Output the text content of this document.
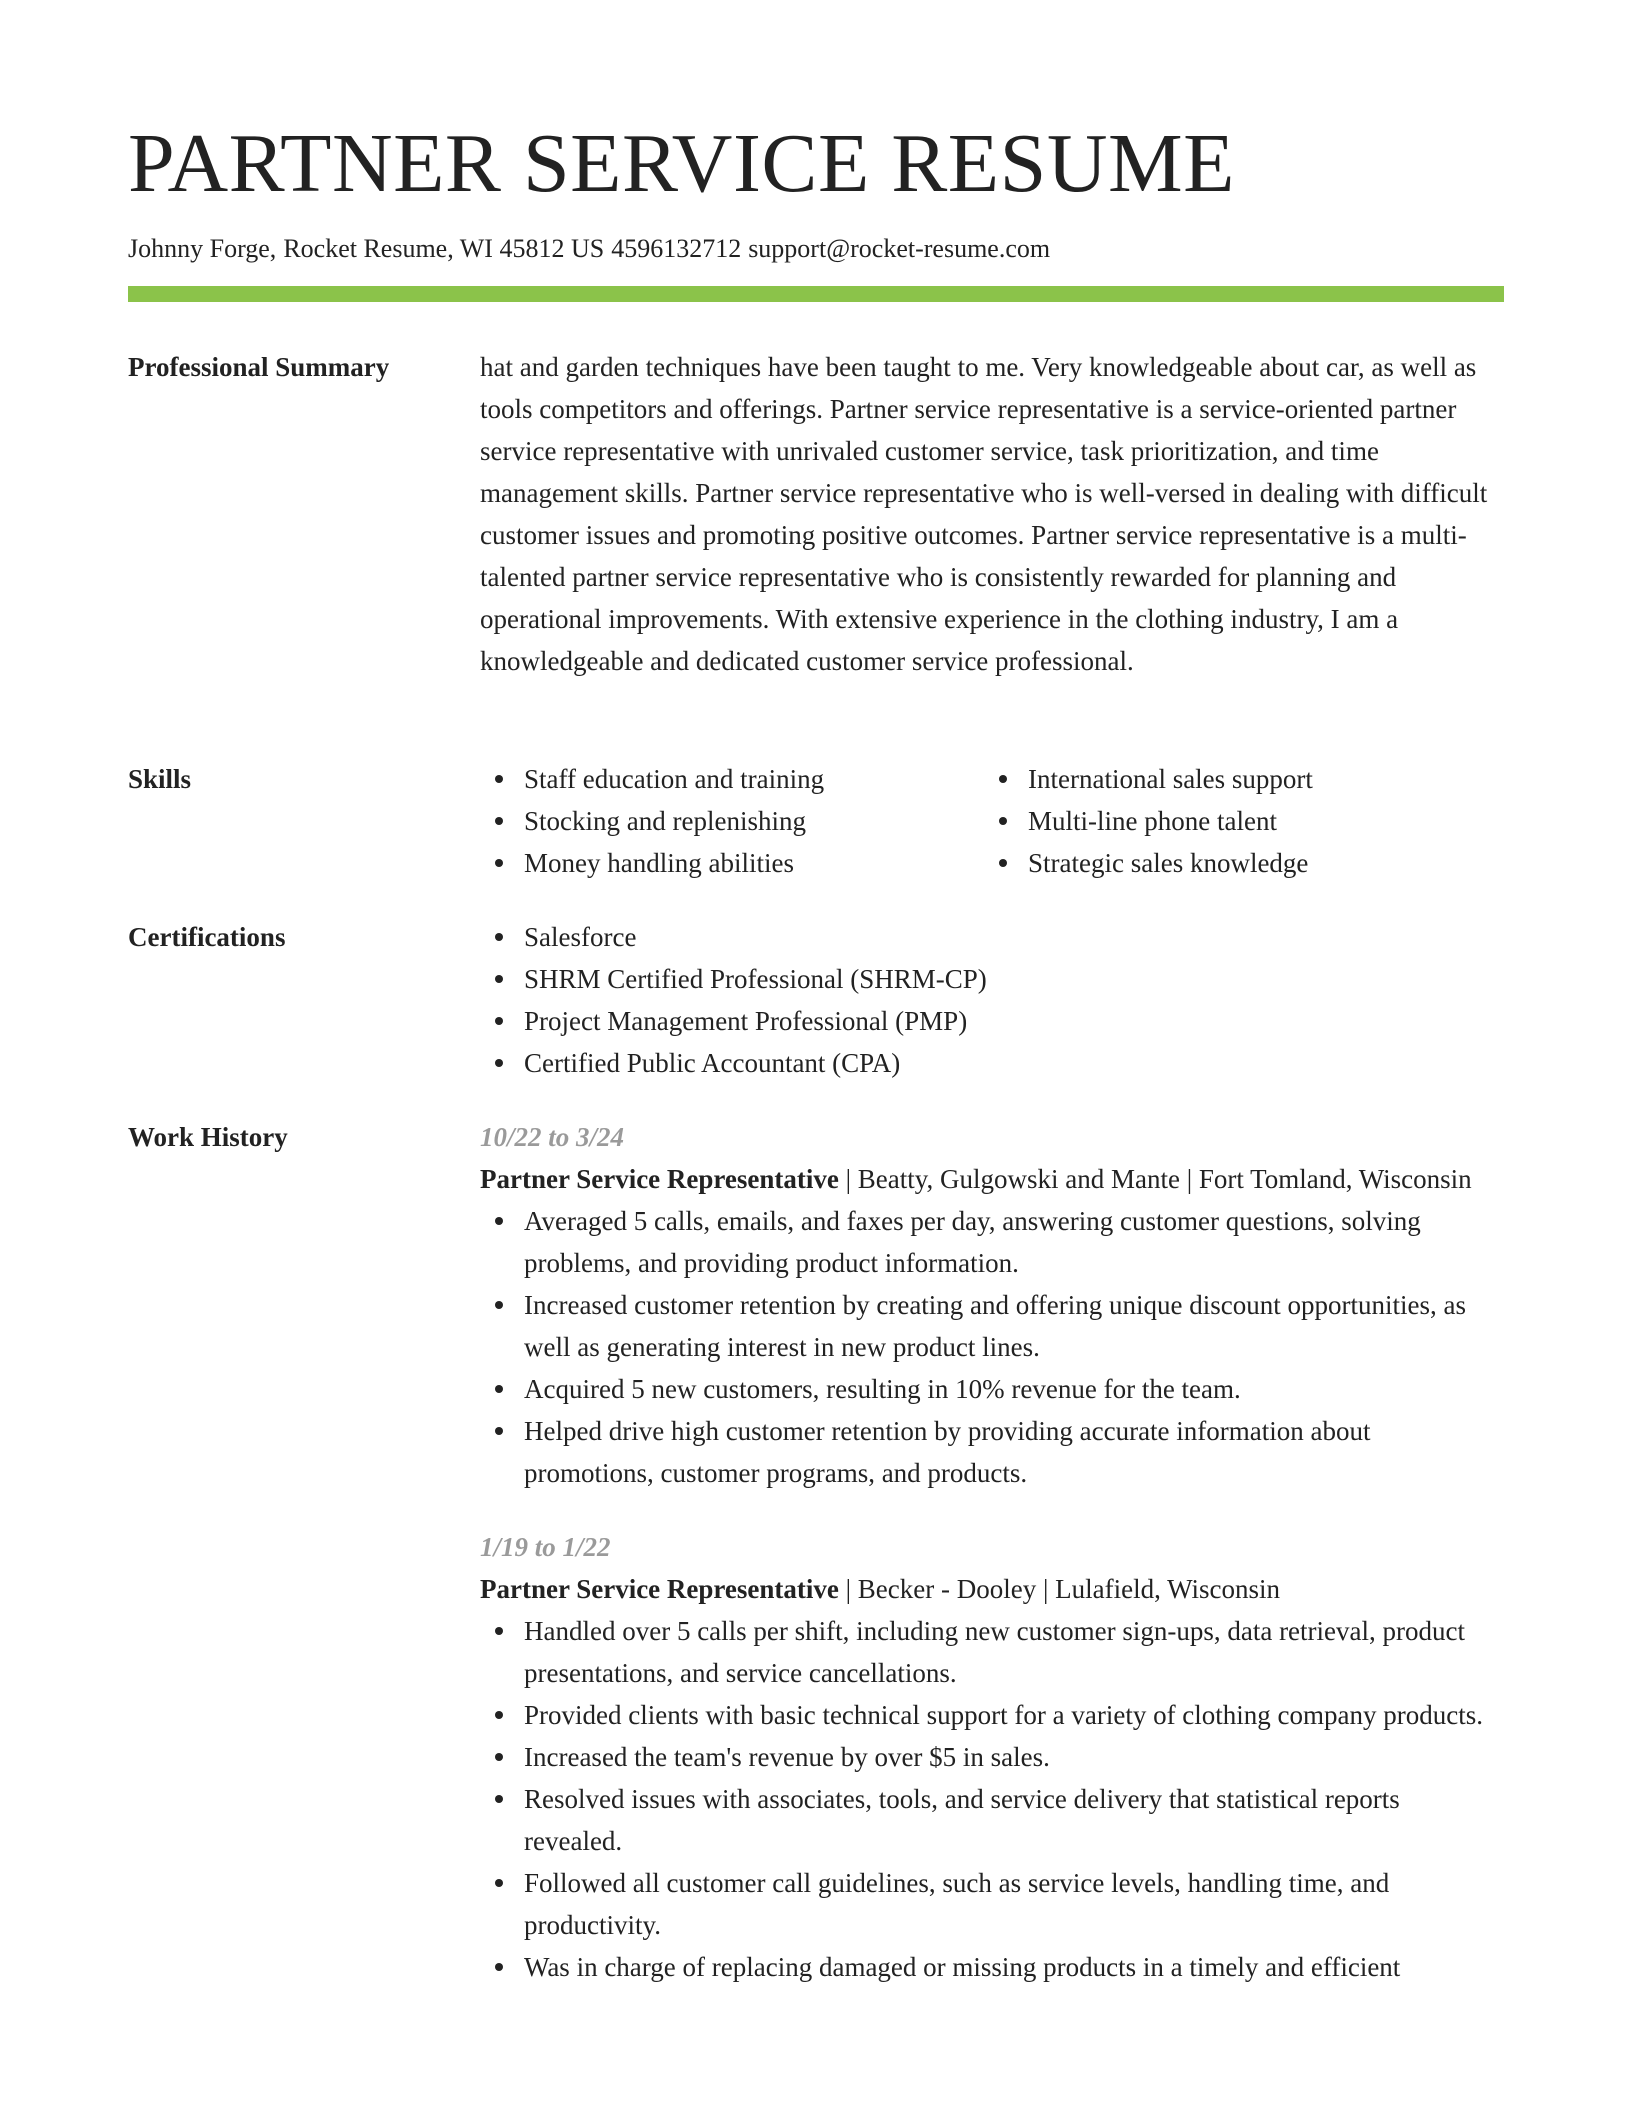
PARTNER SERVICE RESUME
Johnny Forge, Rocket Resume, WI 45812 US 4596132712 support@rocket-resume.com
Professional Summary	hat and garden techniques have been taught to me. Very knowledgeable about car, as well as tools competitors and offerings. Partner service representative is a service-oriented partner service representative with unrivaled customer service, task prioritization, and time management skills. Partner service representative who is well-versed in dealing with difficult customer issues and promoting positive outcomes. Partner service representative is a multi-talented partner service representative who is consistently rewarded for planning and operational improvements. With extensive experience in the clothing industry, I am a knowledgeable and dedicated customer service professional.

Skills	Staff education and training
Stocking and replenishing
Money handling abilities
International sales support
Multi-line phone talent
Strategic sales knowledge
Certifications	Salesforce
SHRM Certified Professional (SHRM-CP)
Project Management Professional (PMP)
Certified Public Accountant (CPA)
Work History	10/22 to 3/24
Partner Service Representative | Beatty, Gulgowski and Mante | Fort Tomland, Wisconsin
Averaged 5 calls, emails, and faxes per day, answering customer questions, solving problems, and providing product information.
Increased customer retention by creating and offering unique discount opportunities, as well as generating interest in new product lines.
Acquired 5 new customers, resulting in 10% revenue for the team.
Helped drive high customer retention by providing accurate information about promotions, customer programs, and products.
1/19 to 1/22
Partner Service Representative | Becker - Dooley | Lulafield, Wisconsin
Handled over 5 calls per shift, including new customer sign-ups, data retrieval, product presentations, and service cancellations.
Provided clients with basic technical support for a variety of clothing company products.
Increased the team's revenue by over $5 in sales.
Resolved issues with associates, tools, and service delivery that statistical reports revealed.
Followed all customer call guidelines, such as service levels, handling time, and productivity.
Was in charge of replacing damaged or missing products in a timely and efficient
